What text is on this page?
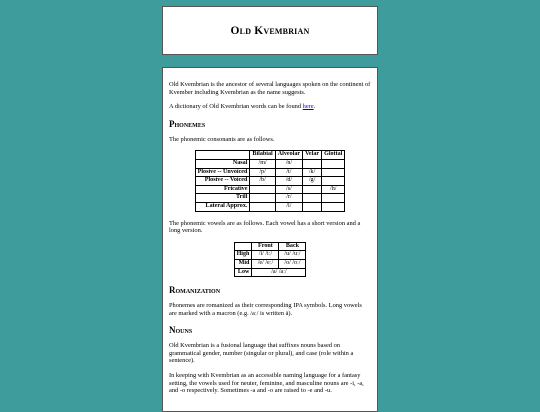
Old Kvembrian

Old Kvembrian is the ancestor of several languages spoken on the continent of Kvember including Kvembrian as the name suggests.

A dictionary of Old Kvembrian words can be found here.

Phonemes

The phonemic consonants are as follows.

	Bilabial	Alveolar	Velar	Glottal
Nasal	/m/	/n/		
Plosive -- Unvoiced	/p/	/t/	/k/	
Plosive -- Voiced	/b/	/d/	/g/	
Fricative		/s/		/h/
Trill		/r/		
Lateral Approx.		/l/		

The phonemic vowels are as follows. Each vowel has a short version and a long version.

	Front	Back
High	/i/ /iː/	/u/ /uː/
Mid	/e/ /eː/	/o/ /oː/
Low	/a/ /aː/	
Romanization

Phonemes are romanized as their corresponding IPA symbols. Long vowels are marked with a macron (e.g. /aː/ is written ā).

Nouns

Old Kvembrian is a fusional language that suffixes nouns based on grammatical gender, number (singular or plural), and case (role within a sentence).

In keeping with Kvembrian as an accessible naming language for a fantasy setting, the vowels used for neuter, feminine, and masculine nouns are -i, -a, and -o respectively. Sometimes -a and -o are raised to -e and -u.
